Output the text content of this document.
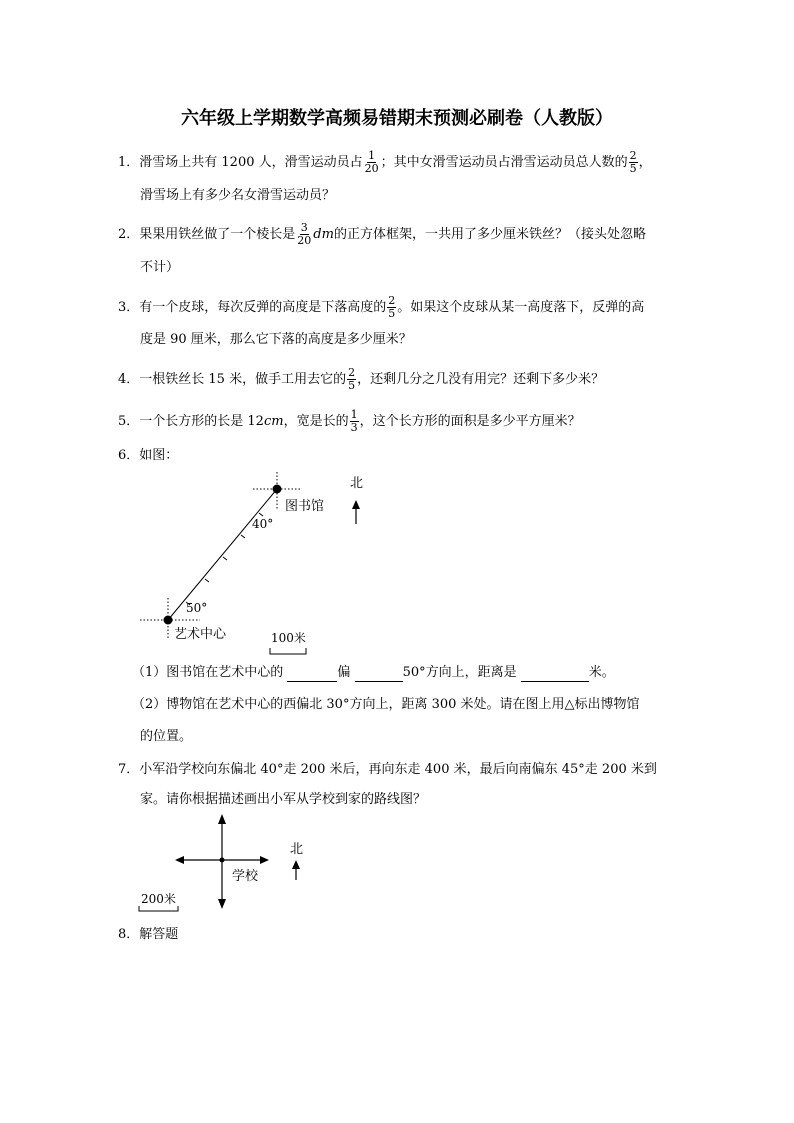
六年级上学期数学高频易错期末预测必刷卷（人教版）
1．滑雪场上共有 1200 人，滑雪运动员占 $\frac{1}{20}$ ；其中女滑雪运动员占滑雪运动员总人数的 $\frac{2}{5}$ ，
滑雪场上有多少名女滑雪运动员？
2．果果用铁丝做了一个棱长是 $\frac{3}{20}$ dm的正方体框架，一共用了多少厘米铁丝？（接头处忽略
不计）
3．有一个皮球，每次反弹的高度是下落高度的 $\frac{2}{5}$ 。如果这个皮球从某一高度落下，反弹的高
度是 90 厘米，那么它下落的高度是多少厘米？
4．一根铁丝长 15 米，做手工用去它的 $\frac{2}{5}$ ，还剩几分之几没有用完？还剩下多少米？
5．一个长方形的长是 12cm，宽是长的 $\frac{1}{3}$ ，这个长方形的面积是多少平方厘米？
6．如图：
图书馆
40°
50°
艺术中心
北
100米
学校
北
200米
（1）图书馆在艺术中心的	偏	50°方向上，距离是	米。
（2）博物馆在艺术中心的西偏北 30°方向上，距离 300 米处。请在图上用△标出博物馆
的位置。
7．小军沿学校向东偏北 40°走 200 米后，再向东走 400 米，最后向南偏东 45°走 200 米到
家。请你根据描述画出小军从学校到家的路线图？
8．解答题
